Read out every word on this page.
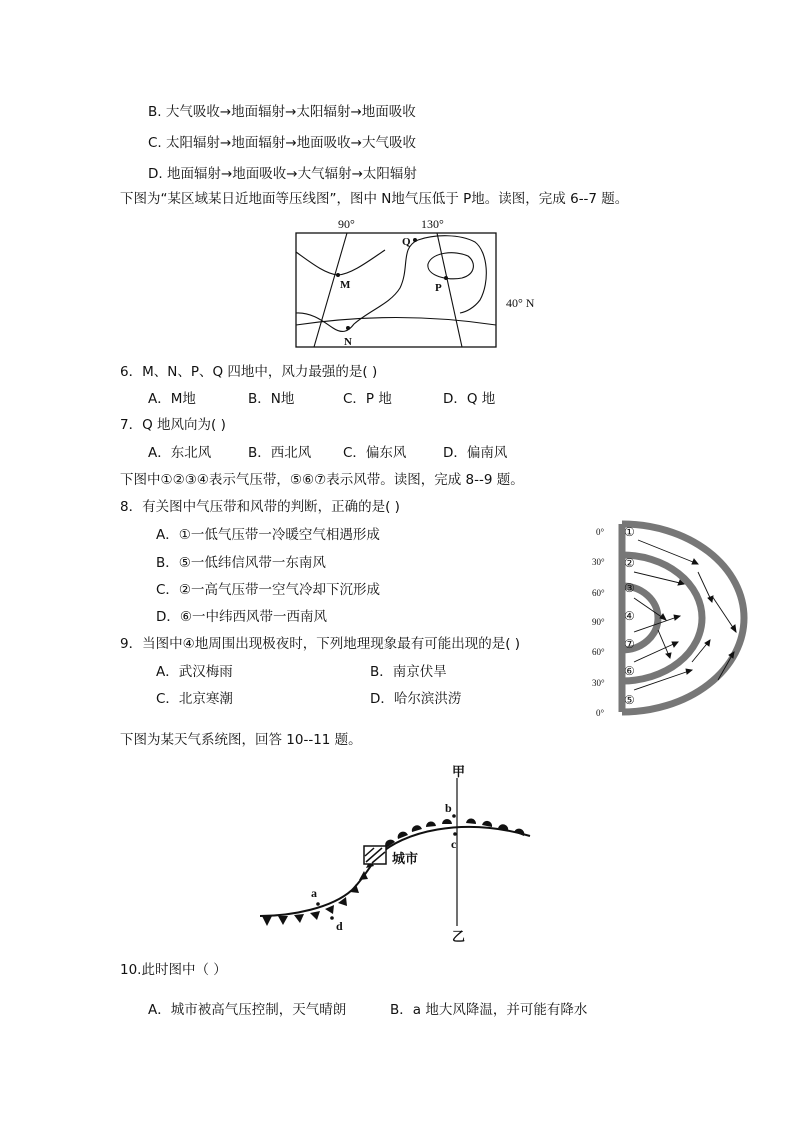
B. 大气吸收→地面辐射→太阳辐射→地面吸收
C. 太阳辐射→地面辐射→地面吸收→大气吸收
D. 地面辐射→地面吸收→大气辐射→太阳辐射
下图为“某区域某日近地面等压线图”，图中 N地气压低于 P地。读图，完成 6--7 题。
90°	130°
40° N
M
Q
P
N
6．M、N、P、Q 四地中，风力最强的是( )
A．M地	B．N地	C．P 地	D．Q 地
7．Q 地风向为( )
A．东北风	B．西北风 C．偏东风	D．偏南风
下图中①②③④表示气压带，⑤⑥⑦表示风带。读图，完成 8--9 题。
8．有关图中气压带和风带的判断，正确的是( )
A．①一低气压带一冷暖空气相遇形成
B．⑤一低纬信风带一东南风
C．②一高气压带一空气冷却下沉形成
D．⑥一中纬西风带一西南风
9．当图中④地周围出现极夜时，下列地理现象最有可能出现的是( )
A．武汉梅雨	B．南京伏旱
C．北京寒潮	D．哈尔滨洪涝
0°
30°
60°
90°
60°
30°
0°
①
②
③
④
⑦
⑥
⑤
下图为某天气系统图，回答 10--11 题。
甲
乙
城市
a
b
c
d
10.此时图中（ ）
A．城市被高气压控制，天气晴朗	B．a 地大风降温，并可能有降水
